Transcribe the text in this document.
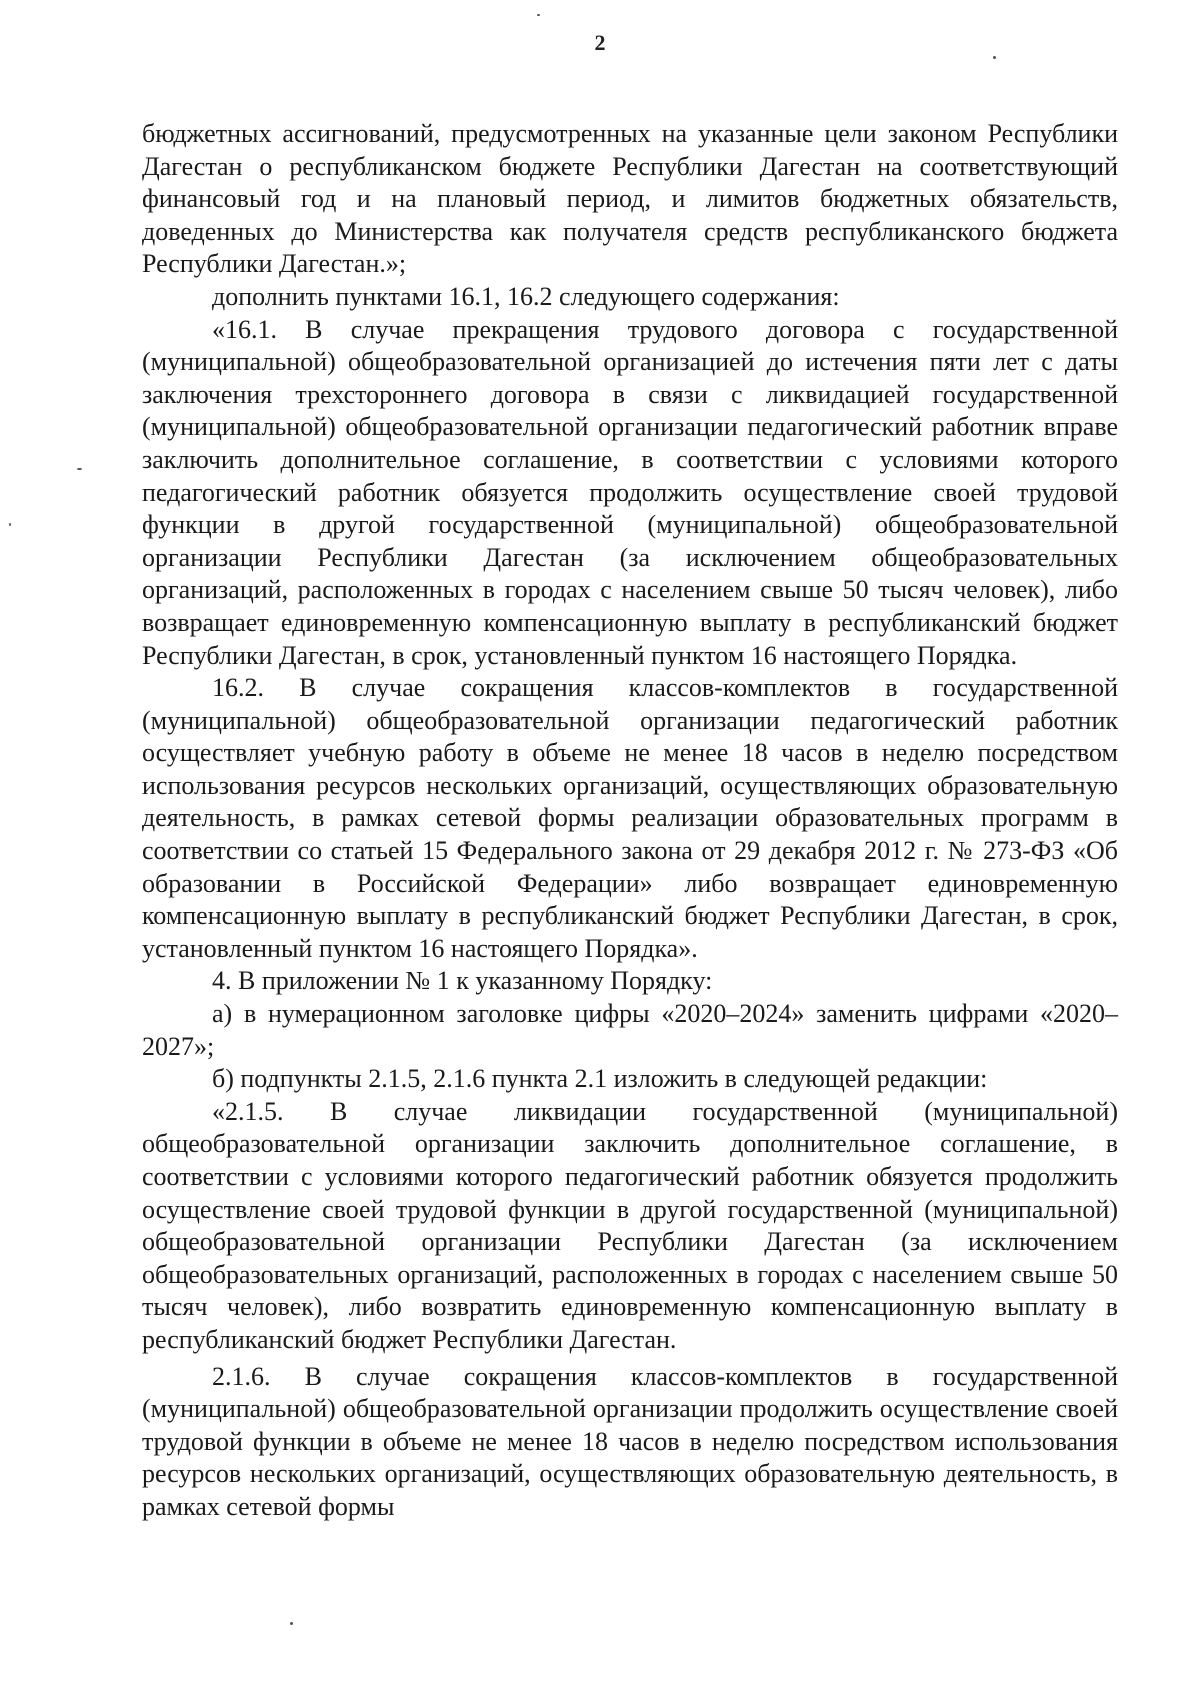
2

бюджетных ассигнований, предусмотренных на указанные цели законом Республики Дагестан о республиканском бюджете Республики Дагестан на соответствующий финансовый год и на плановый период, и лимитов бюджетных обязательств, доведенных до Министерства как получателя средств республиканского бюджета Республики Дагестан.»;

дополнить пунктами 16.1, 16.2 следующего содержания:

«16.1. В случае прекращения трудового договора с государственной (муниципальной) общеобразовательной организацией до истечения пяти лет с даты заключения трехстороннего договора в связи с ликвидацией государственной (муниципальной) общеобразовательной организации педагогический работник вправе заключить дополнительное соглашение, в соответствии с условиями которого педагогический работник обязуется продолжить осуществление своей трудовой функции в другой государственной (муниципальной) общеобразовательной организации Республики Дагестан (за исключением общеобразовательных организаций, расположенных в городах с населением свыше 50 тысяч человек), либо возвращает единовременную компенсационную выплату в республиканский бюджет Республики Дагестан, в срок, установленный пунктом 16 настоящего Порядка.

16.2. В случае сокращения классов-комплектов в государственной (муниципальной) общеобразовательной организации педагогический работник осуществляет учебную работу в объеме не менее 18 часов в неделю посредством использования ресурсов нескольких организаций, осуществляющих образовательную деятельность, в рамках сетевой формы реализации образовательных программ в соответствии со статьей 15 Федерального закона от 29 декабря 2012 г. № 273-ФЗ «Об образовании в Российской Федерации» либо возвращает единовременную компенсационную выплату в республиканский бюджет Республики Дагестан, в срок, установленный пунктом 16 настоящего Порядка».

4. В приложении № 1 к указанному Порядку:

а) в нумерационном заголовке цифры «2020–2024» заменить цифрами «2020–2027»;

б) подпункты 2.1.5, 2.1.6 пункта 2.1 изложить в следующей редакции:

«2.1.5. В случае ликвидации государственной (муниципальной) общеобразовательной организации заключить дополнительное соглашение, в соответствии с условиями которого педагогический работник обязуется продолжить осуществление своей трудовой функции в другой государственной (муниципальной) общеобразовательной организации Республики Дагестан (за исключением общеобразовательных организаций, расположенных в городах с населением свыше 50 тысяч человек), либо возвратить единовременную компенсационную выплату в республиканский бюджет Республики Дагестан.

2.1.6. В случае сокращения классов-комплектов в государственной (муниципальной) общеобразовательной организации продолжить осуществление своей трудовой функции в объеме не менее 18 часов в неделю посредством использования ресурсов нескольких организаций, осуществляющих образовательную деятельность, в рамках сетевой формы
